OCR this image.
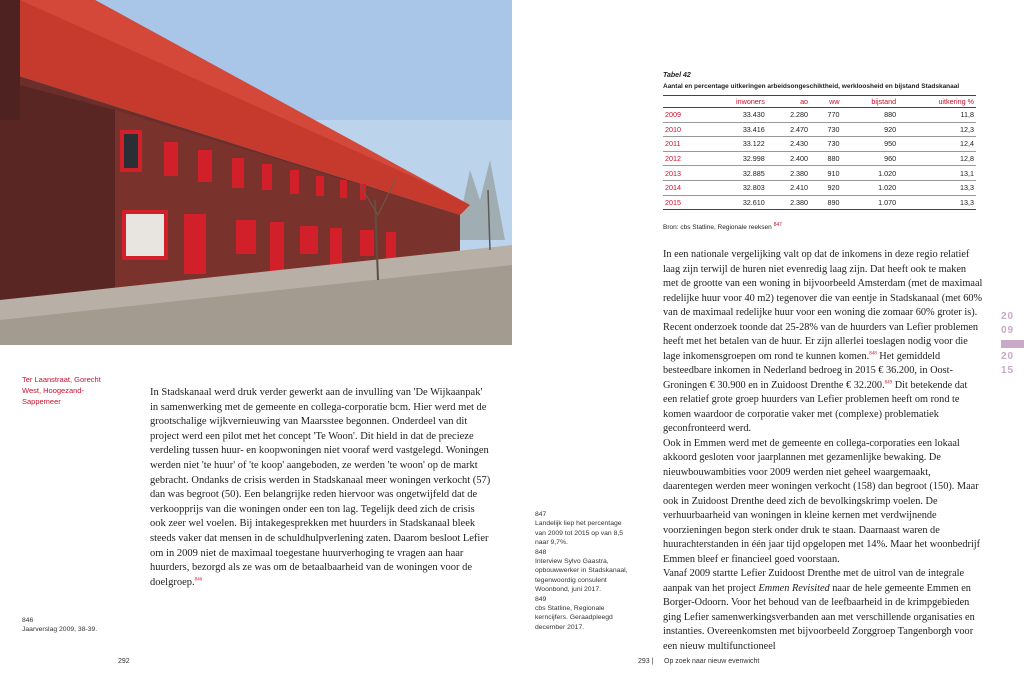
Ter Laanstraat, Gorecht West, Hoogezand-Sappemeer

In Stadskanaal werd druk verder gewerkt aan de invulling van 'De Wijkaanpak' in samenwerking met de gemeente en collega-corporatie bcm. Hier werd met de grootschalige wijkvernieuwing van Maarsstee begonnen. Onderdeel van dit project werd een pilot met het concept 'Te Woon'. Dit hield in dat de precieze verdeling tussen huur- en koopwoningen niet vooraf werd vastgelegd. Woningen werden niet 'te huur' of 'te koop' aangeboden, ze werden 'te woon' op de markt gebracht. Ondanks de crisis werden in Stadskanaal meer woningen verkocht (57) dan was begroot (50). Een belangrijke reden hiervoor was ongetwijfeld dat de verkoopprijs van die woningen onder een ton lag. Tegelijk deed zich de crisis ook zeer wel voelen. Bij intakegesprekken met huurders in Stadskanaal bleek steeds vaker dat mensen in de schuldhulpverlening zaten. Daarom besloot Lefier om in 2009 niet de maximaal toegestane huurverhoging te vragen aan haar huurders, bezorgd als ze was om de betaalbaarheid van de woningen voor de doelgroep.$^{846}$

846
Jaarverslag 2009, 38-39.
292
Tabel 42
Aantal en percentage uitkeringen arbeidsongeschiktheid, werkloosheid en bijstand Stadskanaal
	inwoners	ao	ww	bijstand	uitkering %
2009	33.430	2.280	770	880	11,8
2010	33.416	2.470	730	920	12,3
2011	33.122	2.430	730	950	12,4
2012	32.998	2.400	880	960	12,8
2013	32.885	2.380	910	1.020	13,1
2014	32.803	2.410	920	1.020	13,3
2015	32.610	2.380	890	1.070	13,3
Bron: cbs Statline, Regionale reeksen $^{847}$

In een nationale vergelijking valt op dat de inkomens in deze regio relatief laag zijn terwijl de huren niet evenredig laag zijn. Dat heeft ook te maken met de grootte van een woning in bijvoorbeeld Amsterdam (met de maximaal redelijke huur voor 40 m2) tegenover die van eentje in Stadskanaal (met 60% van de maximaal redelijke huur voor een woning die zomaar 60% groter is). Recent onderzoek toonde dat 25-28% van de huurders van Lefier problemen heeft met het betalen van de huur. Er zijn allerlei toeslagen nodig voor die lage inkomensgroepen om rond te kunnen komen.$^{848}$ Het gemiddeld besteedbare inkomen in Nederland bedroeg in 2015 € 36.200, in Oost-Groningen € 30.900 en in Zuidoost Drenthe € 32.200.$^{849}$ Dit betekende dat een relatief grote groep huurders van Lefier problemen heeft om rond te komen waardoor de corporatie vaker met (complexe) problematiek geconfronteerd werd.

Ook in Emmen werd met de gemeente en collega-corporaties een lokaal akkoord gesloten voor jaarplannen met gezamenlijke bewaking. De nieuwbouwambities voor 2009 werden niet geheel waargemaakt, daarentegen werden meer woningen verkocht (158) dan begroot (150). Maar ook in Zuidoost Drenthe deed zich de bevolkingskrimp voelen. De verhuurbaarheid van woningen in kleine kernen met verdwijnende voorzieningen begon sterk onder druk te staan. Daarnaast waren de huurachterstanden in één jaar tijd opgelopen met 14%. Maar het woonbedrijf Emmen bleef er financieel goed voorstaan.

Vanaf 2009 startte Lefier Zuidoost Drenthe met de uitrol van de integrale aanpak van het project Emmen Revisited naar de hele gemeente Emmen en Borger-Odoorn. Voor het behoud van de leefbaarheid in de krimpgebieden ging Lefier samenwerkingsverbanden aan met verschillende organisaties en instanties. Overeenkomsten met bijvoorbeeld Zorggroep Tangenborgh voor een nieuw multifunctioneel

847
Landelijk liep het percentage van 2009 tot 2015 op van 8,5 naar 9,7%.
848
Interview Sylvo Gaastra, opbouwwerker in Stadskanaal, tegenwoordig consulent Woonbond, juni 2017.
849
cbs Statline, Regionale kerncijfers. Geraadpleegd december 2017.
20
09
20
15
293 | Op zoek naar nieuw evenwicht
